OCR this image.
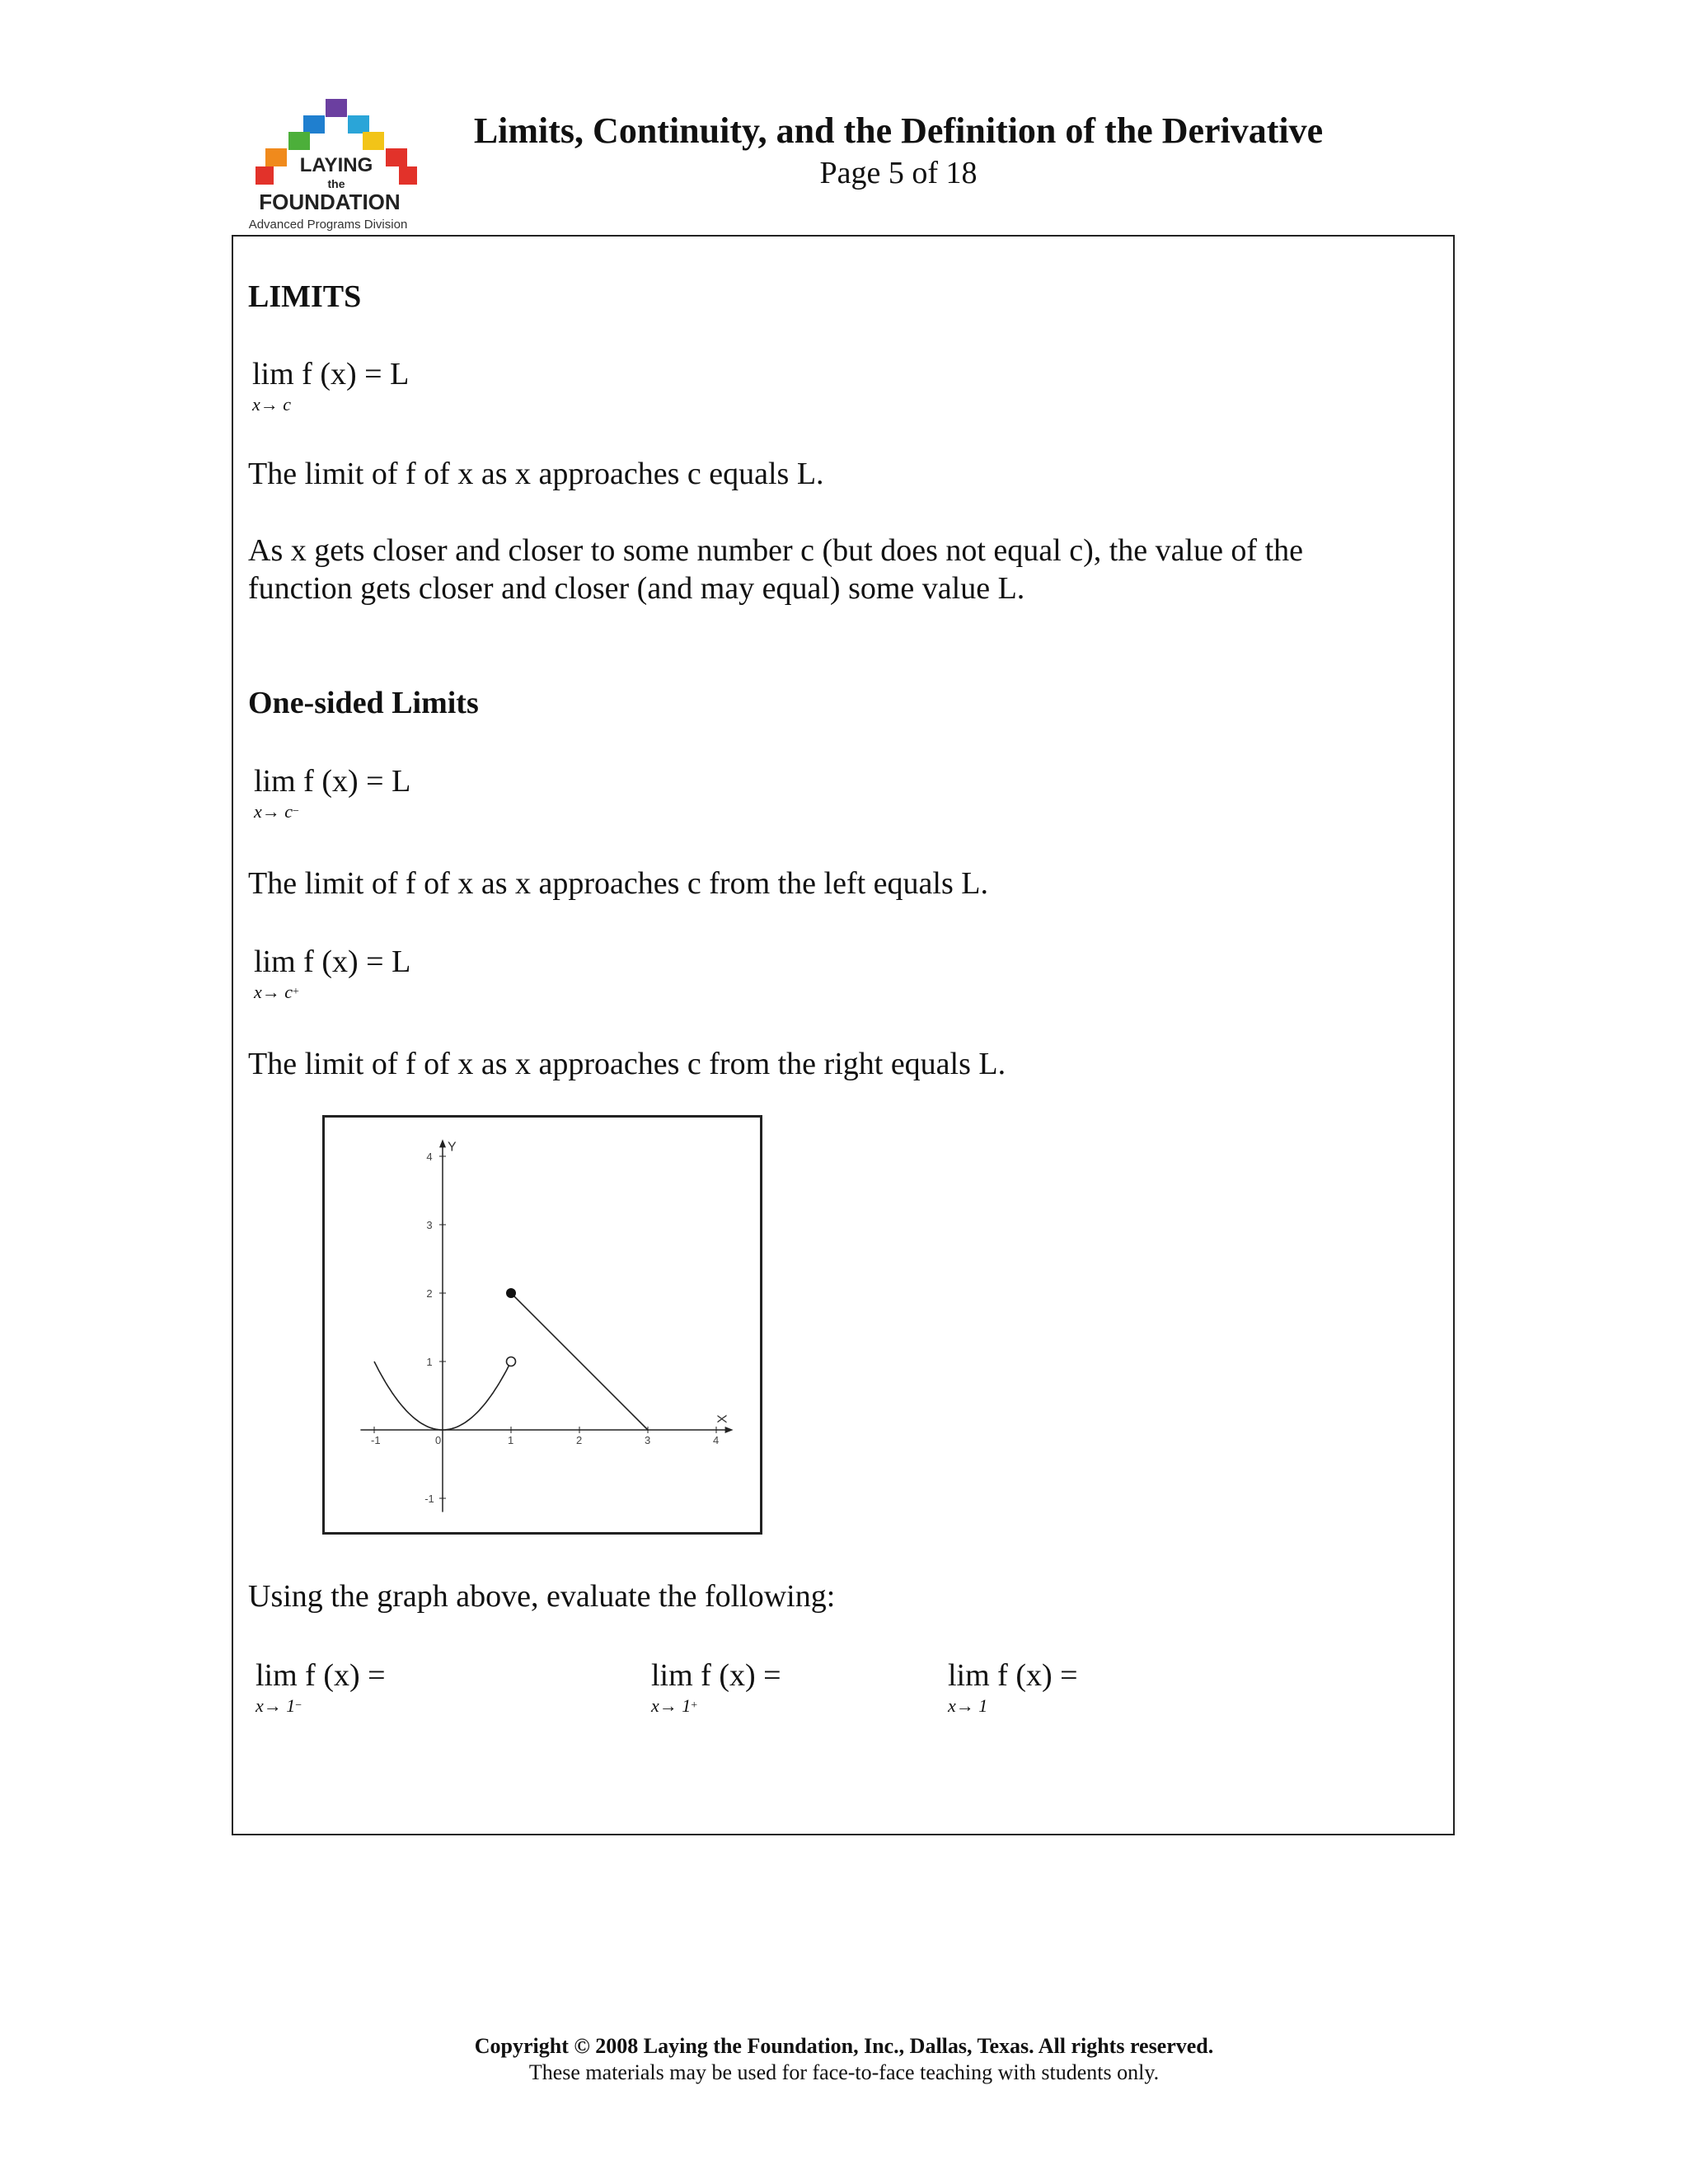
LAYING
the
FOUNDATION
Advanced Programs Division
Limits, Continuity, and the Definition of the Derivative
Page 5 of 18
LIMITS
lim f (x) = L
x→ c
The limit of f of x as x approaches c equals L.
As x gets closer and closer to some number c (but does not equal c), the value of the
function gets closer and closer (and may equal) some value L.
One-sided Limits
lim f (x) = L
x→ c−
The limit of f of x as x approaches c from the left equals L.
lim f (x) = L
x→ c+
The limit of f of x as x approaches c from the right equals L.
X
Y
-1	0	1	2	3	4
-1
1
2
3
4
Using the graph above, evaluate the following:
lim f (x) =
x→ 1−
lim f (x) =
x→ 1+
lim f (x) =
x→ 1
Copyright © 2008 Laying the Foundation, Inc., Dallas, Texas. All rights reserved.
These materials may be used for face-to-face teaching with students only.
